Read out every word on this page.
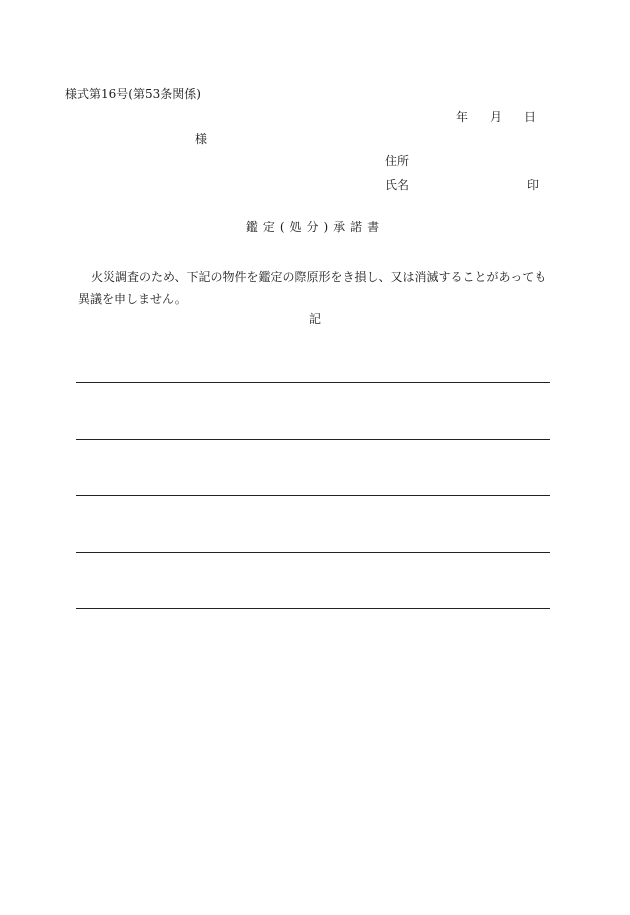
様式第16号(第53条関係)
年 月 日
様
住所
氏名	印
鑑定(処分)承諾書
火災調査のため、下記の物件を鑑定の際原形をき損し、又は消滅することがあっても異議を申しません。
記
